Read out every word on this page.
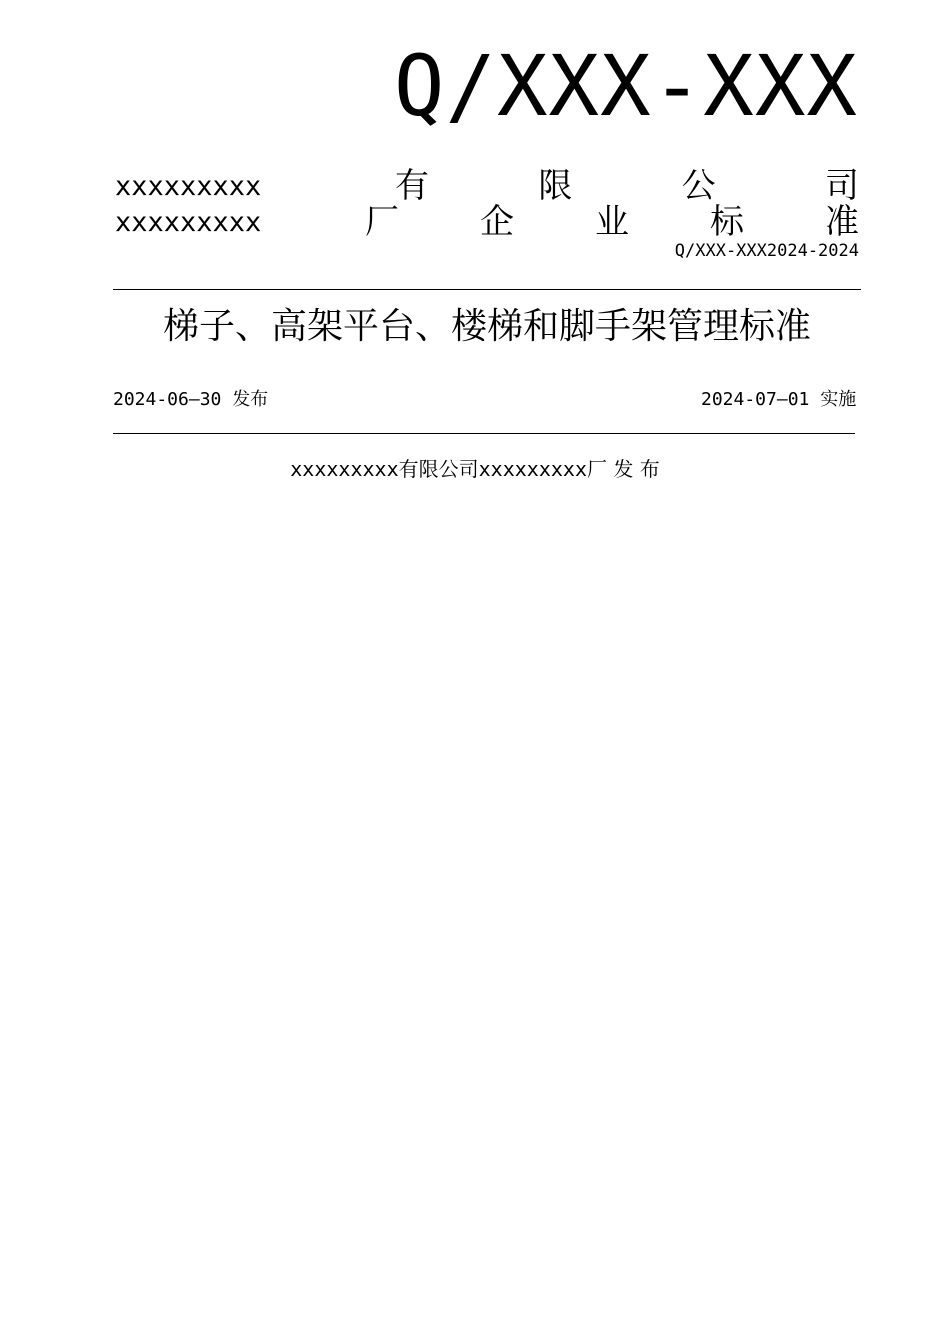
Q/XXX-XXX
xxxxxxxxx	有	限	公	司
xxxxxxxxx	厂 企 业 标 准
Q/XXX-XXX2024-2024
梯子、高架平台、楼梯和脚手架管理标准
2024-06—30 发布	2024-07—01 实施
xxxxxxxxx有限公司xxxxxxxxx厂 发 布
